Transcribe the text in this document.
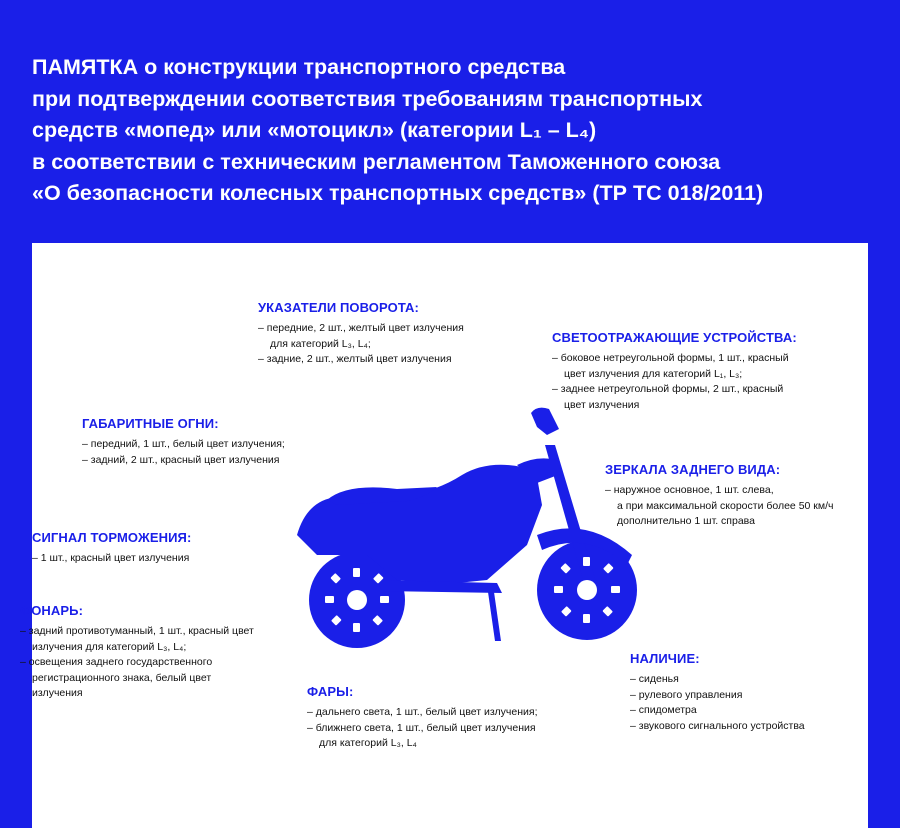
ПАМЯТКА о конструкции транспортного средства
при подтверждении соответствия требованиям транспортных
средств «мопед» или «мотоцикл» (категории L₁ – L₄)
в соответствии с техническим регламентом Таможенного союза
«О безопасности колесных транспортных средств» (ТР ТС 018/2011)
УКАЗАТЕЛИ ПОВОРОТА:
– передние, 2 шт., желтый цвет излучения
для категорий L₃, L₄;
– задние, 2 шт., желтый цвет излучения
СВЕТООТРАЖАЮЩИЕ УСТРОЙСТВА:
– боковое нетреугольной формы, 1 шт., красный
цвет излучения для категорий L₁, L₃;
– заднее нетреугольной формы, 2 шт., красный
цвет излучения
ГАБАРИТНЫЕ ОГНИ:
– передний, 1 шт., белый цвет излучения;
– задний, 2 шт., красный цвет излучения
ЗЕРКАЛА ЗАДНЕГО ВИДА:
– наружное основное, 1 шт. слева,
а при максимальной скорости более 50 км/ч
дополнительно 1 шт. справа
СИГНАЛ ТОРМОЖЕНИЯ:
– 1 шт., красный цвет излучения
ФОНАРЬ:
– задний противотуманный, 1 шт., красный цвет
излучения для категорий L₃, L₄;
– освещения заднего государственного
регистрационного знака, белый цвет
излучения	ФАРЫ:
– дальнего света, 1 шт., белый цвет излучения;
– ближнего света, 1 шт., белый цвет излучения
для категорий L₃, L₄
НАЛИЧИЕ:
– сиденья
– рулевого управления
– спидометра
– звукового сигнального устройства
